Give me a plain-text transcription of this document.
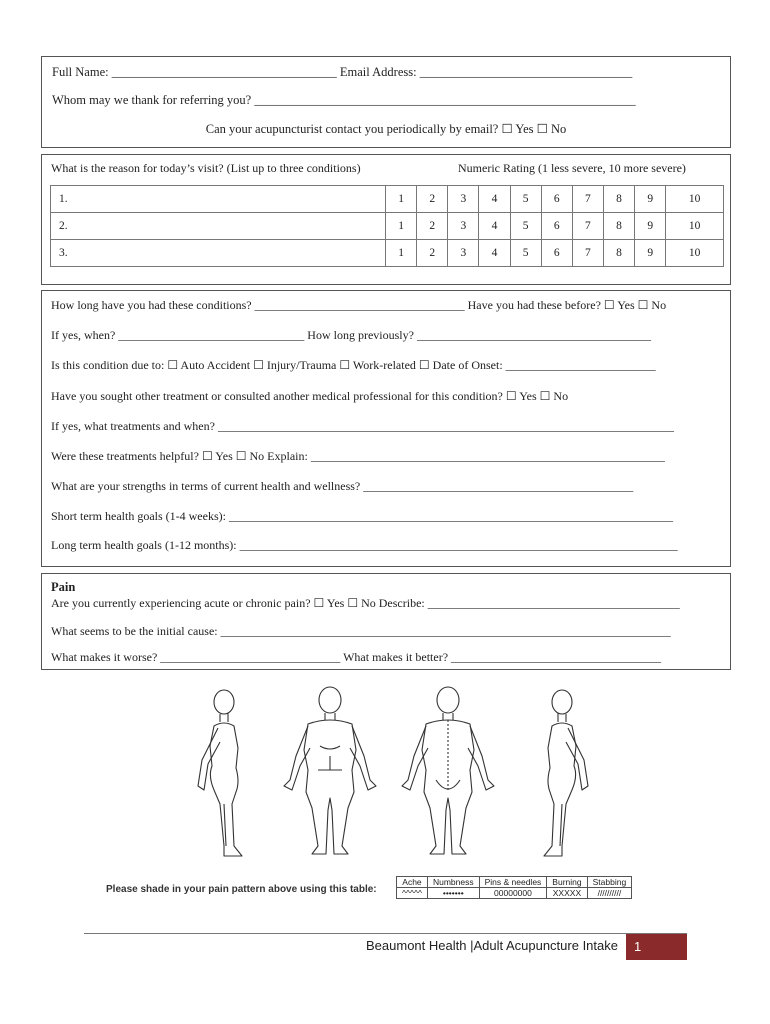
Full Name: ____________________________________ Email Address: __________________________________
Whom may we thank for referring you? _____________________________________________________________
Can your acupuncturist contact you periodically by email? ☐ Yes ☐ No
What is the reason for today’s visit? (List up to three conditions)	Numeric Rating (1 less severe, 10 more severe)
1.	1	2	3	4	5	6	7	8	9	10
2.	1	2	3	4	5	6	7	8	9	10
3.	1	2	3	4	5	6	7	8	9	10
How long have you had these conditions? ___________________________________ Have you had these before? ☐ Yes ☐ No
If yes, when? _______________________________ How long previously? _______________________________________
Is this condition due to: ☐ Auto Accident ☐ Injury/Trauma ☐ Work-related ☐ Date of Onset: _________________________
Have you sought other treatment or consulted another medical professional for this condition? ☐ Yes ☐ No
If yes, what treatments and when? ____________________________________________________________________________
Were these treatments helpful? ☐ Yes ☐ No Explain: ___________________________________________________________
What are your strengths in terms of current health and wellness? _____________________________________________
Short term health goals (1-4 weeks): __________________________________________________________________________
Long term health goals (1-12 months): _________________________________________________________________________
Pain
Are you currently experiencing acute or chronic pain? ☐ Yes ☐ No Describe: __________________________________________
What seems to be the initial cause: ___________________________________________________________________________
What makes it worse? ______________________________ What makes it better? ___________________________________
Please shade in your pain pattern above using this table:
Ache	Numbness	Pins & needles	Burning	Stabbing
^^^^^	•••••••	00000000	XXXXX	//////////
Beaumont Health |Adult Acupuncture Intake	1
